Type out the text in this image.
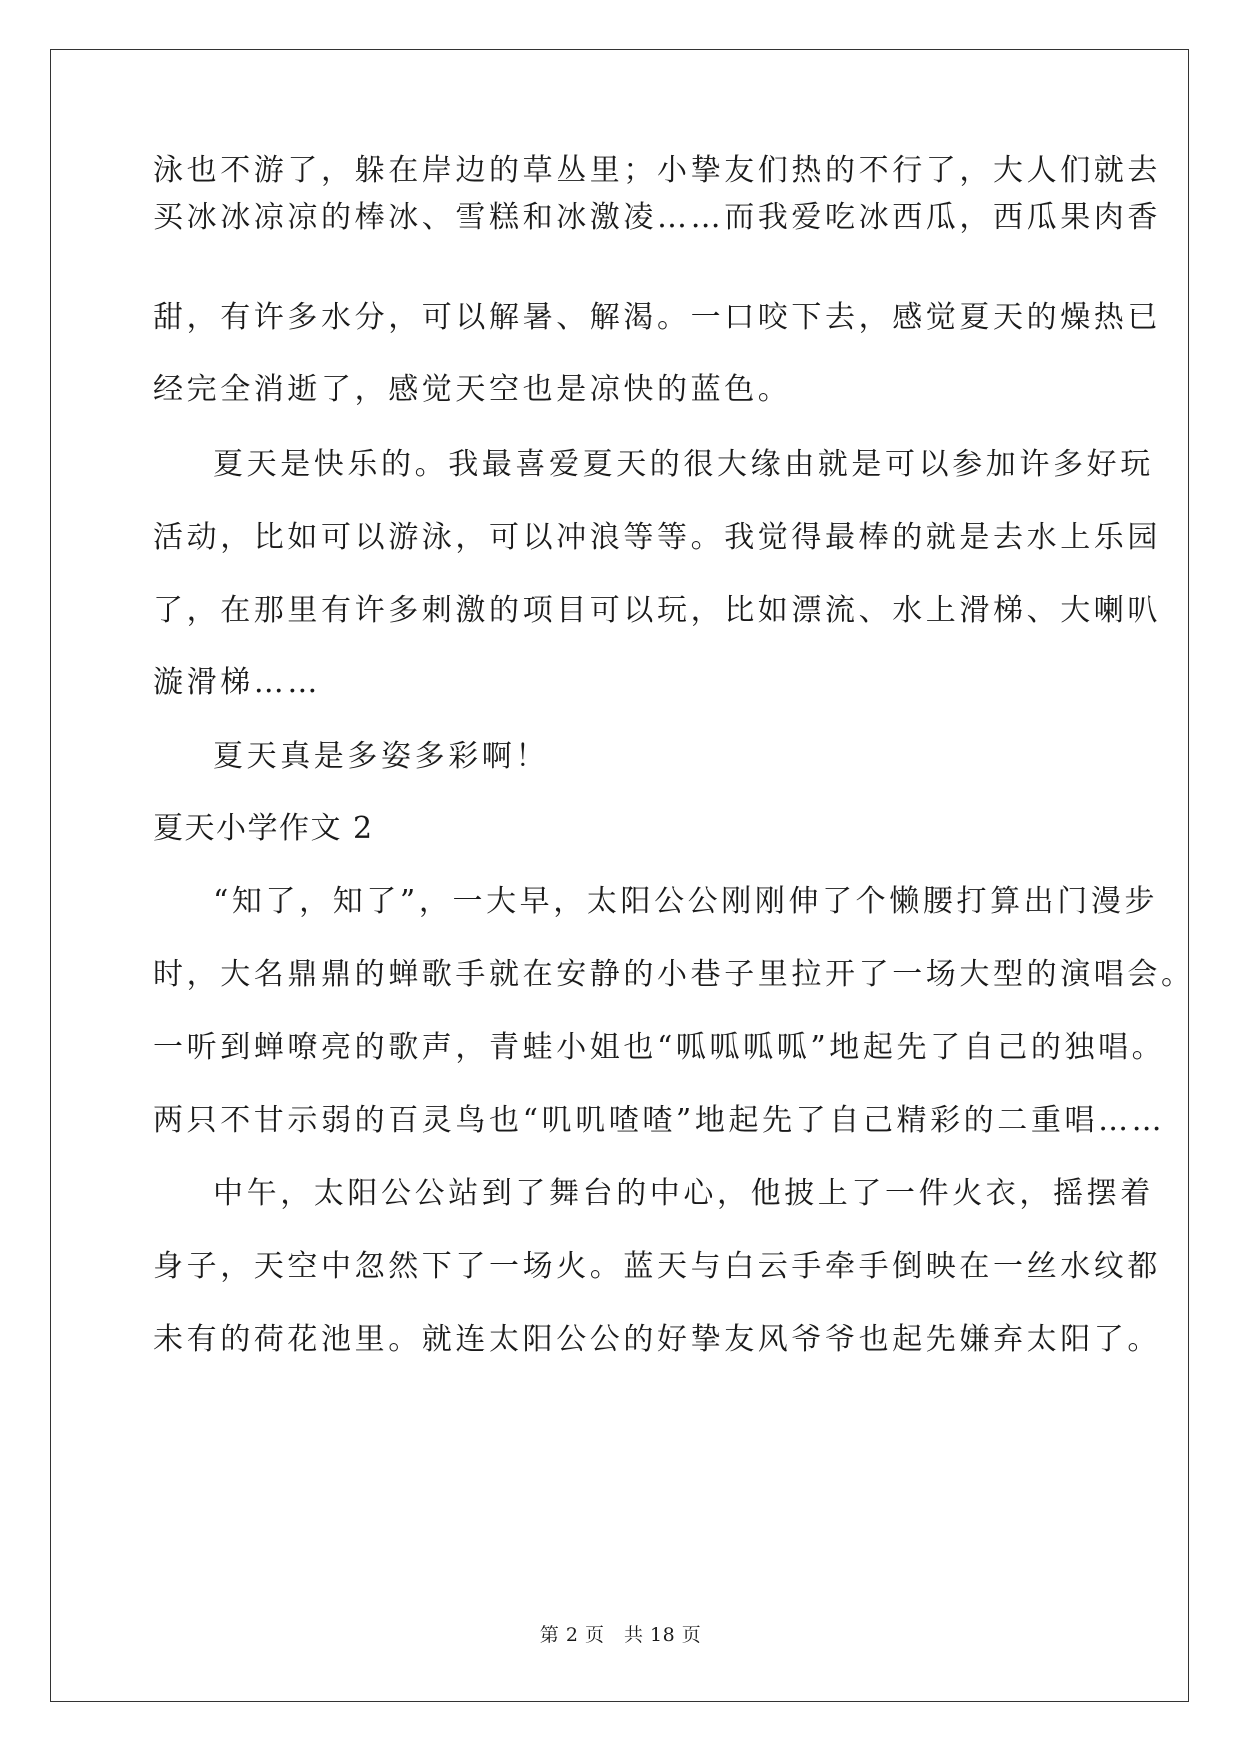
泳也不游了，躲在岸边的草丛里；小挚友们热的不行了，大人们就去

买冰冰凉凉的棒冰、雪糕和冰激凌……而我爱吃冰西瓜，西瓜果肉香

甜，有许多水分，可以解暑、解渴。一口咬下去，感觉夏天的燥热已

经完全消逝了，感觉天空也是凉快的蓝色。

夏天是快乐的。我最喜爱夏天的很大缘由就是可以参加许多好玩

活动，比如可以游泳，可以冲浪等等。我觉得最棒的就是去水上乐园

了，在那里有许多刺激的项目可以玩，比如漂流、水上滑梯、大喇叭

漩滑梯……

夏天真是多姿多彩啊！

夏天小学作文 2

“知了，知了”，一大早，太阳公公刚刚伸了个懒腰打算出门漫步

时，大名鼎鼎的蝉歌手就在安静的小巷子里拉开了一场大型的演唱会。

一听到蝉嘹亮的歌声，青蛙小姐也“呱呱呱呱”地起先了自己的独唱。

两只不甘示弱的百灵鸟也“叽叽喳喳”地起先了自己精彩的二重唱……

中午，太阳公公站到了舞台的中心，他披上了一件火衣，摇摆着

身子，天空中忽然下了一场火。蓝天与白云手牵手倒映在一丝水纹都

未有的荷花池里。就连太阳公公的好挚友风爷爷也起先嫌弃太阳了。

第 2 页　共 18 页
